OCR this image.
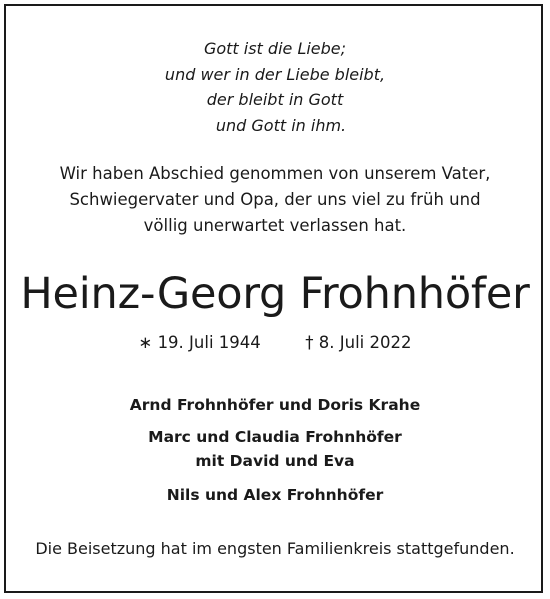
Gott ist die Liebe;
und wer in der Liebe bleibt,
der bleibt in Gott
und Gott in ihm.
Wir haben Abschied genommen von unserem Vater,
Schwiegervater und Opa, der uns viel zu früh und
völlig unerwartet verlassen hat.
Heinz-Georg Frohnhöfer
∗ 19. Juli 1944	† 8. Juli 2022
Arnd Frohnhöfer und Doris Krahe
Marc und Claudia Frohnhöfer
mit David und Eva
Nils und Alex Frohnhöfer
Die Beisetzung hat im engsten Familienkreis stattgefunden.
